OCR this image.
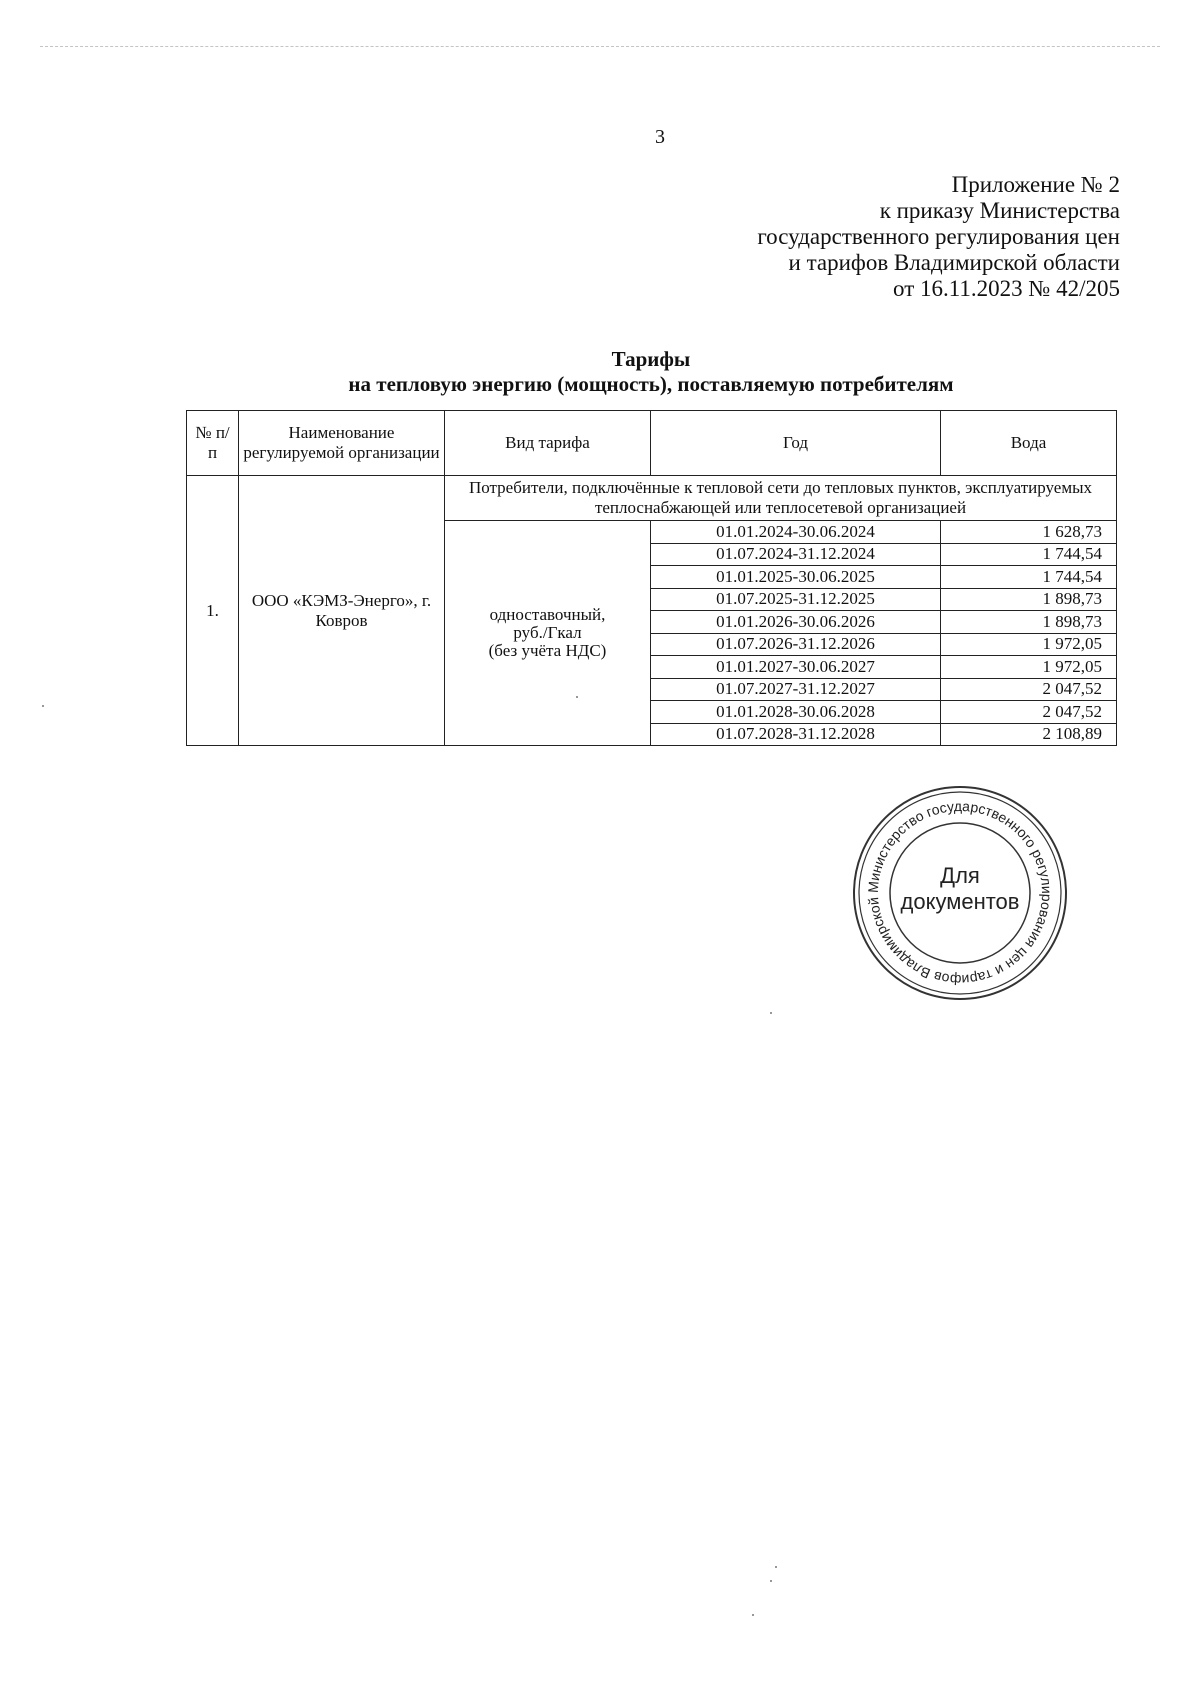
3
Приложение № 2
к приказу Министерства
государственного регулирования цен
и тарифов Владимирской области
от 16.11.2023 № 42/205
Тарифы
на тепловую энергию (мощность), поставляемую потребителям
№ п/п	Наименование регулируемой организации	Вид тарифа	Год	Вода
1.	ООО «КЭМЗ-Энерго», г. Ковров	Потребители, подключённые к тепловой сети до тепловых пунктов, эксплуатируемых теплоснабжающей или теплосетевой организацией		

		одноставочный,
руб./Гкал
(без учёта НДС)	01.01.2024-30.06.2024	1 628,73
			01.07.2024-31.12.2024	1 744,54
			01.01.2025-30.06.2025	1 744,54
			01.07.2025-31.12.2025	1 898,73
			01.01.2026-30.06.2026	1 898,73
			01.07.2026-31.12.2026	1 972,05
			01.01.2027-30.06.2027	1 972,05
			01.07.2027-31.12.2027	2 047,52
			01.01.2028-30.06.2028	2 047,52
			01.07.2028-31.12.2028	2 108,89
Министерство государственного регулирования цен и тарифов Владимирской
Для
документов
